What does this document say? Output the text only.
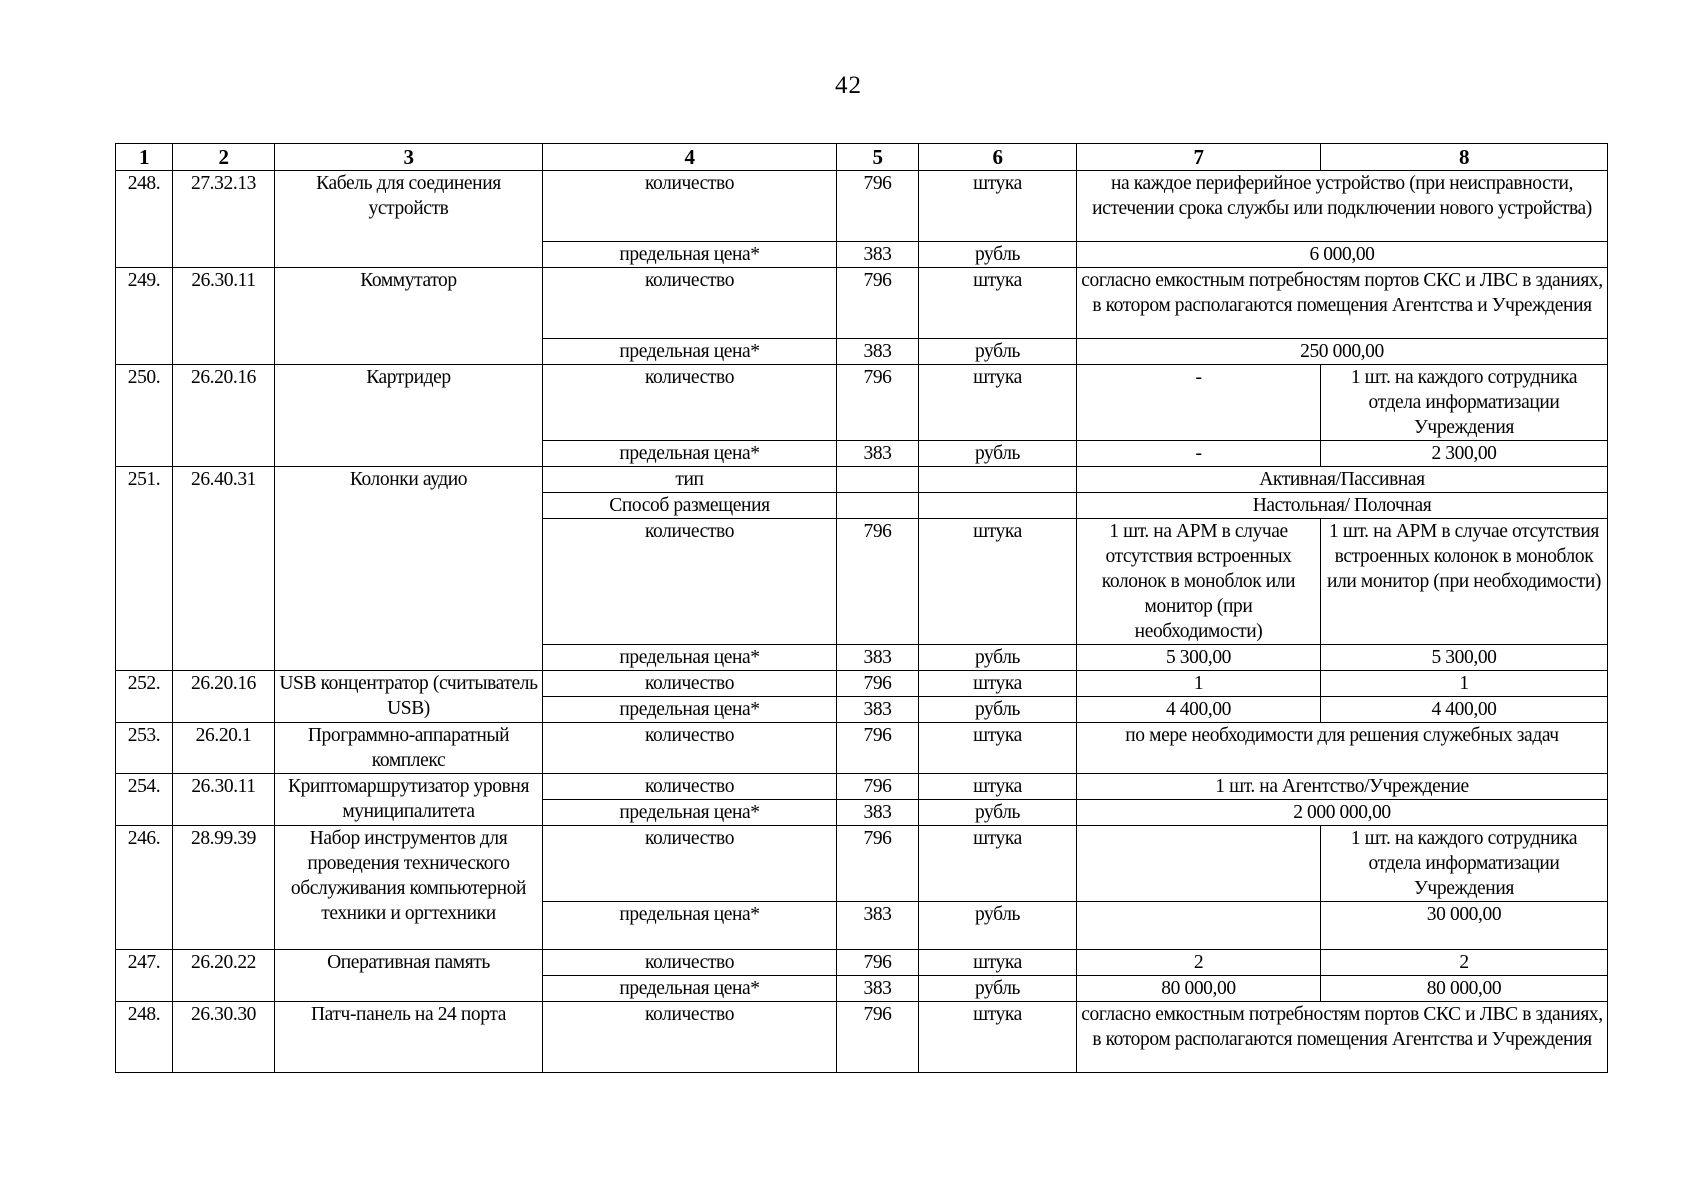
42
1	2	3	4	5	6	7	8
248.	27.32.13	Кабель для соединения устройств	количество	796	штука	на каждое периферийное устройство (при неисправности, истечении срока службы или подключении нового устройства)	
			предельная цена*	383	рубль	6 000,00	
249.	26.30.11	Коммутатор	количество	796	штука	согласно емкостным потребностям портов СКС и ЛВС в зданиях, в котором располагаются помещения Агентства и Учреждения	
			предельная цена*	383	рубль	250 000,00	
250.	26.20.16	Картридер	количество	796	штука	-	1 шт. на каждого сотрудника отдела информатизации Учреждения
			предельная цена*	383	рубль	-	2 300,00
251.	26.40.31	Колонки аудио	тип			Активная/Пассивная	
			Способ размещения			Настольная/ Полочная	
			количество	796	штука	1 шт. на АРМ в случае отсутствия встроенных колонок в моноблок или монитор (при необходимости)	1 шт. на АРМ в случае отсутствия встроенных колонок в моноблок или монитор (при необходимости)
			предельная цена*	383	рубль	5 300,00	5 300,00
252.	26.20.16	USB концентратор (считыватель USB)	количество	796	штука	1	1
			предельная цена*	383	рубль	4 400,00	4 400,00
253.	26.20.1	Программно-аппаратный комплекс	количество	796	штука	по мере необходимости для решения служебных задач	
254.	26.30.11	Криптомаршрутизатор уровня муниципалитета	количество	796	штука	1 шт. на Агентство/Учреждение	
			предельная цена*	383	рубль	2 000 000,00	
246.	28.99.39	Набор инструментов для проведения технического обслуживания компьютерной техники и оргтехники	количество	796	штука		1 шт. на каждого сотрудника отдела информатизации Учреждения
			предельная цена*	383	рубль		30 000,00
247.	26.20.22	Оперативная память	количество	796	штука	2	2
			предельная цена*	383	рубль	80 000,00	80 000,00
248.	26.30.30	Патч-панель на 24 порта	количество	796	штука	согласно емкостным потребностям портов СКС и ЛВС в зданиях, в котором располагаются помещения Агентства и Учреждения	
